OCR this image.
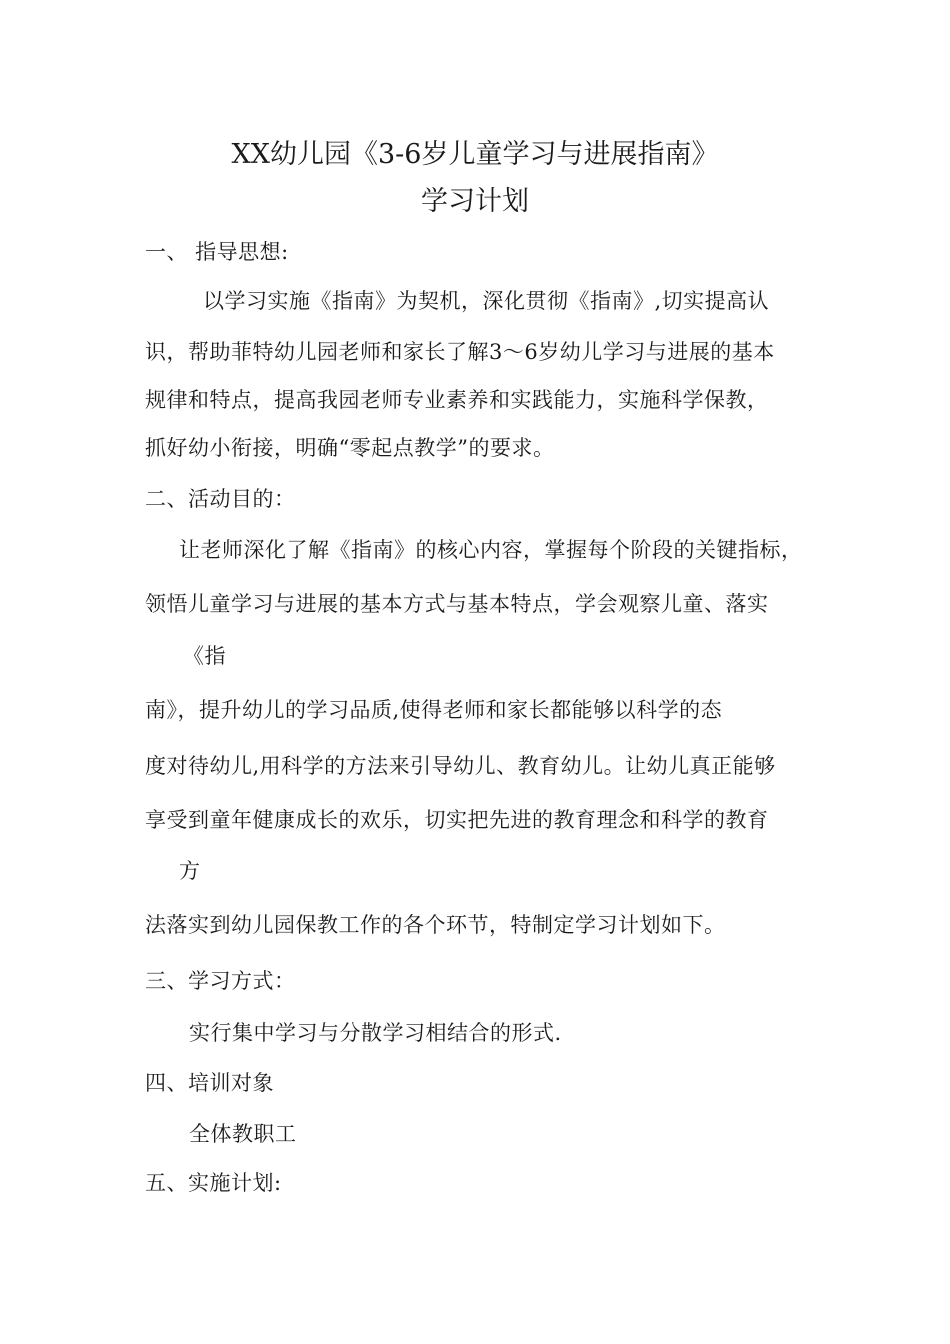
XX幼儿园《3-6岁儿童学习与进展指南》
学习计划
一、 指导思想:
以学习实施《指南》为契机，深化贯彻《指南》,切实提高认
识，帮助菲特幼儿园老师和家长了解3～6岁幼儿学习与进展的基本
规律和特点，提高我园老师专业素养和实践能力，实施科学保教，
抓好幼小衔接，明确“零起点教学”的要求。
二、活动目的：
让老师深化了解《指南》的核心内容，掌握每个阶段的关键指标，
领悟儿童学习与进展的基本方式与基本特点，学会观察儿童、落实
《指
南》，提升幼儿的学习品质,使得老师和家长都能够以科学的态
度对待幼儿,用科学的方法来引导幼儿、教育幼儿。让幼儿真正能够
享受到童年健康成长的欢乐，切实把先进的教育理念和科学的教育
方
法落实到幼儿园保教工作的各个环节，特制定学习计划如下。
三、学习方式：
实行集中学习与分散学习相结合的形式.
四、培训对象
全体教职工
五、实施计划:
